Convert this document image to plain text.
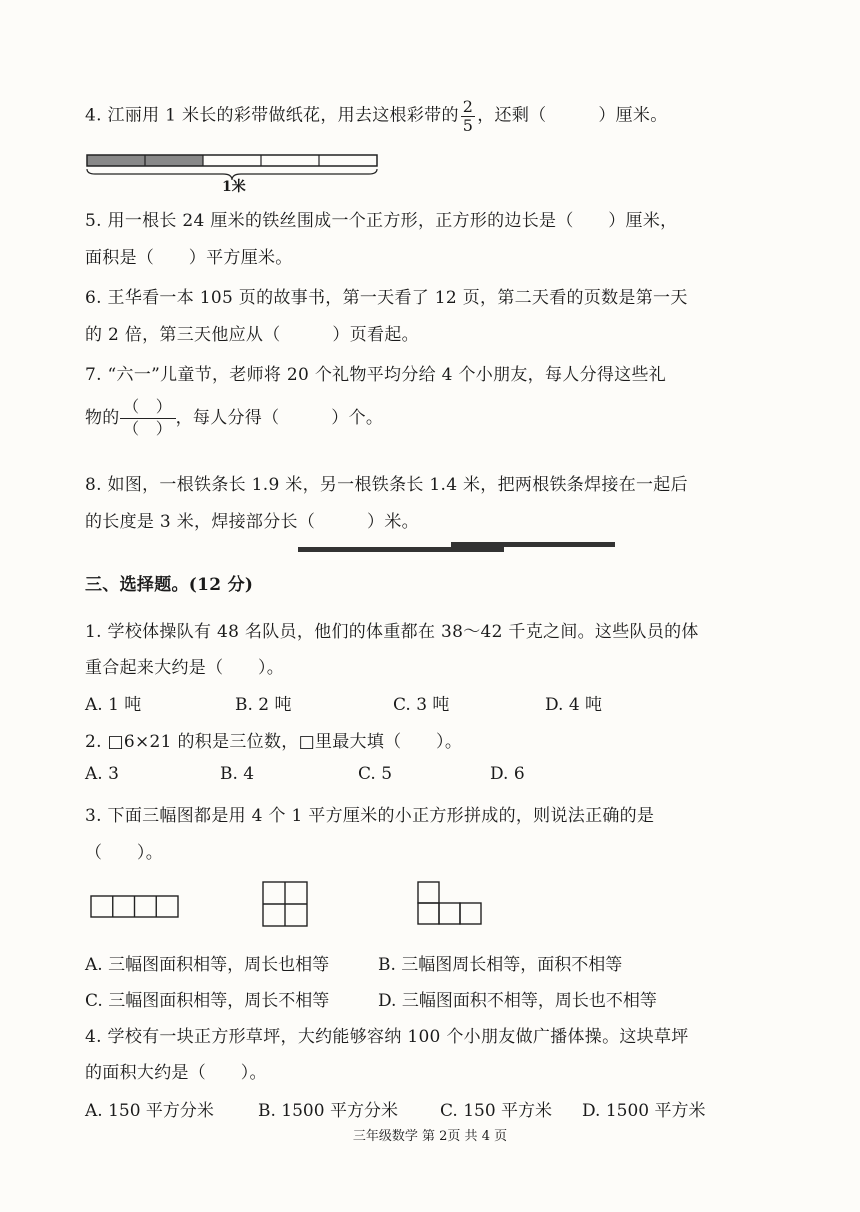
4. 江丽用 1 米长的彩带做纸花，用去这根彩带的 $\frac{2}{5}$ ，还剩（　　　）厘米。
1米
5. 用一根长 24 厘米的铁丝围成一个正方形，正方形的边长是（　　）厘米，
面积是（　　）平方厘米。
6. 王华看一本 105 页的故事书，第一天看了 12 页，第二天看的页数是第一天
的 2 倍，第三天他应从（　　　）页看起。
7. “六一”儿童节，老师将 20 个礼物平均分给 4 个小朋友，每人分得这些礼
物的 $\frac{( )}{( )}$ ，每人分得（　　　）个。
8. 如图，一根铁条长 1.9 米，另一根铁条长 1.4 米，把两根铁条焊接在一起后
的长度是 3 米，焊接部分长（　　　）米。
三、选择题。(12 分)
1. 学校体操队有 48 名队员，他们的体重都在 38～42 千克之间。这些队员的体
重合起来大约是（　　）。
A. 1 吨	B. 2 吨	C. 3 吨	D. 4 吨
2. □6×21 的积是三位数，□里最大填（　　）。
A. 3	B. 4	C. 5	D. 6
3. 下面三幅图都是用 4 个 1 平方厘米的小正方形拼成的，则说法正确的是
（　　）。
A. 三幅图面积相等，周长也相等	B. 三幅图周长相等，面积不相等
C. 三幅图面积相等，周长不相等	D. 三幅图面积不相等，周长也不相等
4. 学校有一块正方形草坪，大约能够容纳 100 个小朋友做广播体操。这块草坪
的面积大约是（　　）。
A. 150 平方分米	B. 1500 平方分米 C. 150 平方米 D. 1500 平方米
三年级数学 第 2页 共 4 页
